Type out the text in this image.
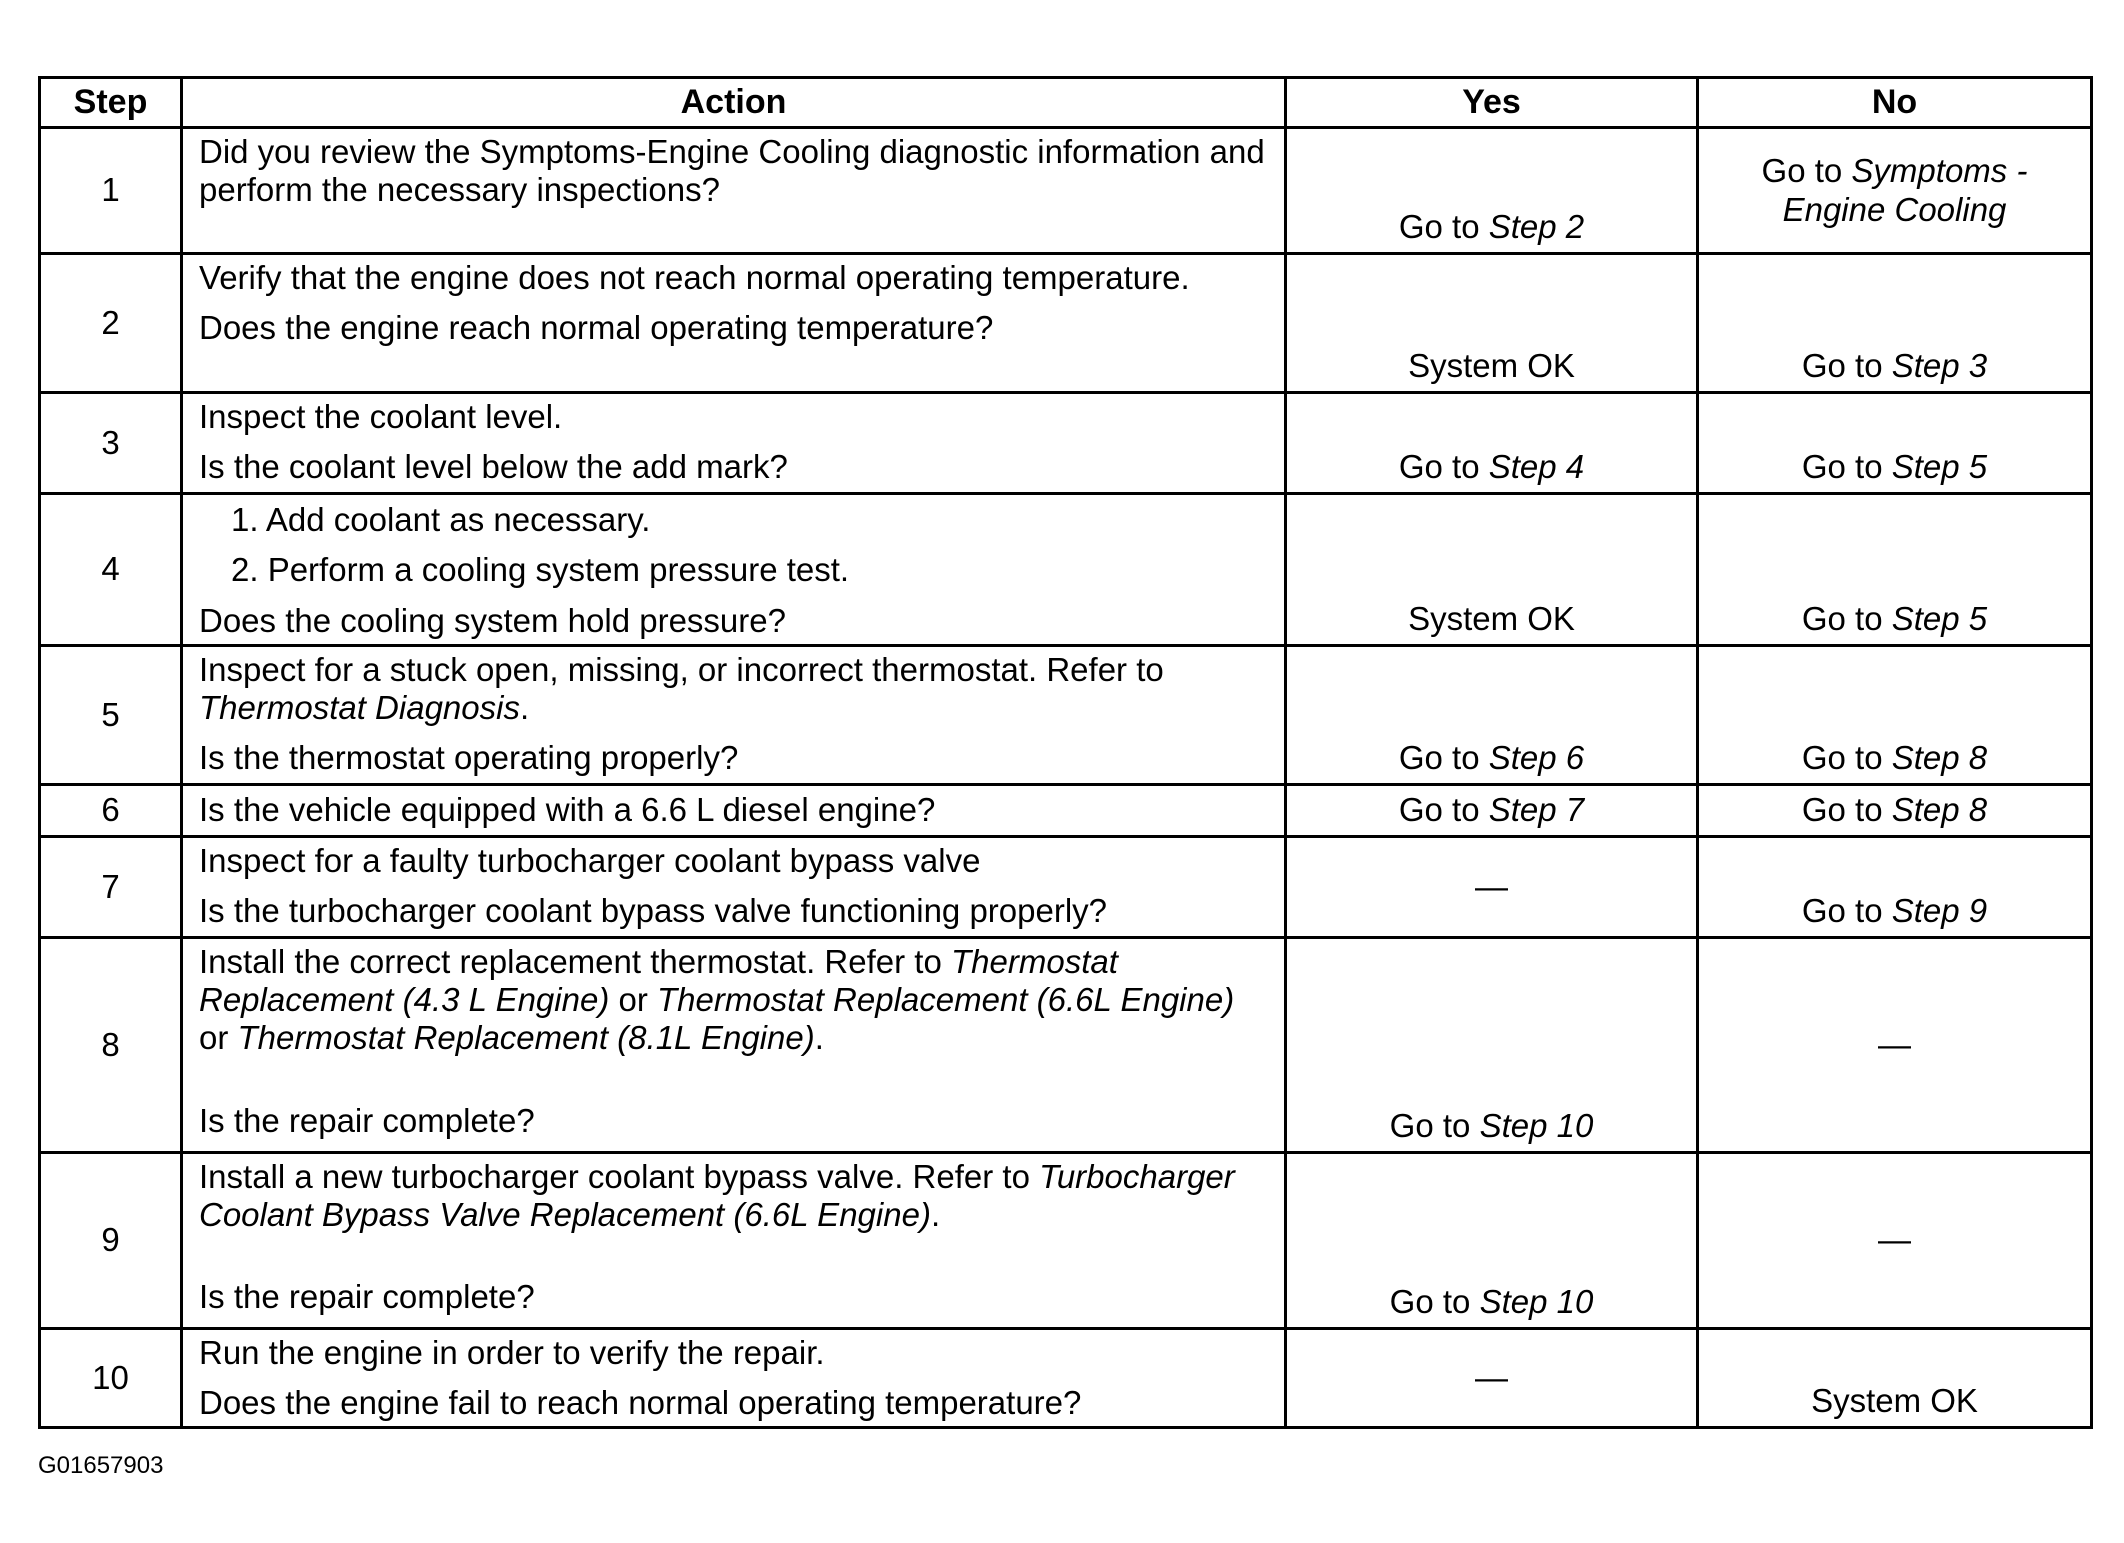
Step	Action	Yes	No
1	Did you review the Symptoms-Engine Cooling diagnostic information and perform the necessary inspections?	Go to Step 2	Go to Symptoms -
Engine Cooling
2	Verify that the engine does not reach normal operating temperature.
Does the engine reach normal operating temperature?	System OK	Go to Step 3
3	Inspect the coolant level.
Is the coolant level below the add mark?	Go to Step 4	Go to Step 5
4	1. Add coolant as necessary.
2. Perform a cooling system pressure test.
Does the cooling system hold pressure?	System OK	Go to Step 5
5	Inspect for a stuck open, missing, or incorrect thermostat. Refer to Thermostat Diagnosis.
Is the thermostat operating properly?	Go to Step 6	Go to Step 8
6	Is the vehicle equipped with a 6.6 L diesel engine?	Go to Step 7	Go to Step 8
7	Inspect for a faulty turbocharger coolant bypass valve
Is the turbocharger coolant bypass valve functioning properly?	—	Go to Step 9
8	Install the correct replacement thermostat. Refer to Thermostat Replacement (4.3 L Engine) or Thermostat Replacement (6.6L Engine) or Thermostat Replacement (8.1L Engine).
Is the repair complete?	Go to Step 10	—
9	Install a new turbocharger coolant bypass valve. Refer to Turbocharger Coolant Bypass Valve Replacement (6.6L Engine).
Is the repair complete?	Go to Step 10	—
10	Run the engine in order to verify the repair.
Does the engine fail to reach normal operating temperature?	—	System OK
G01657903
